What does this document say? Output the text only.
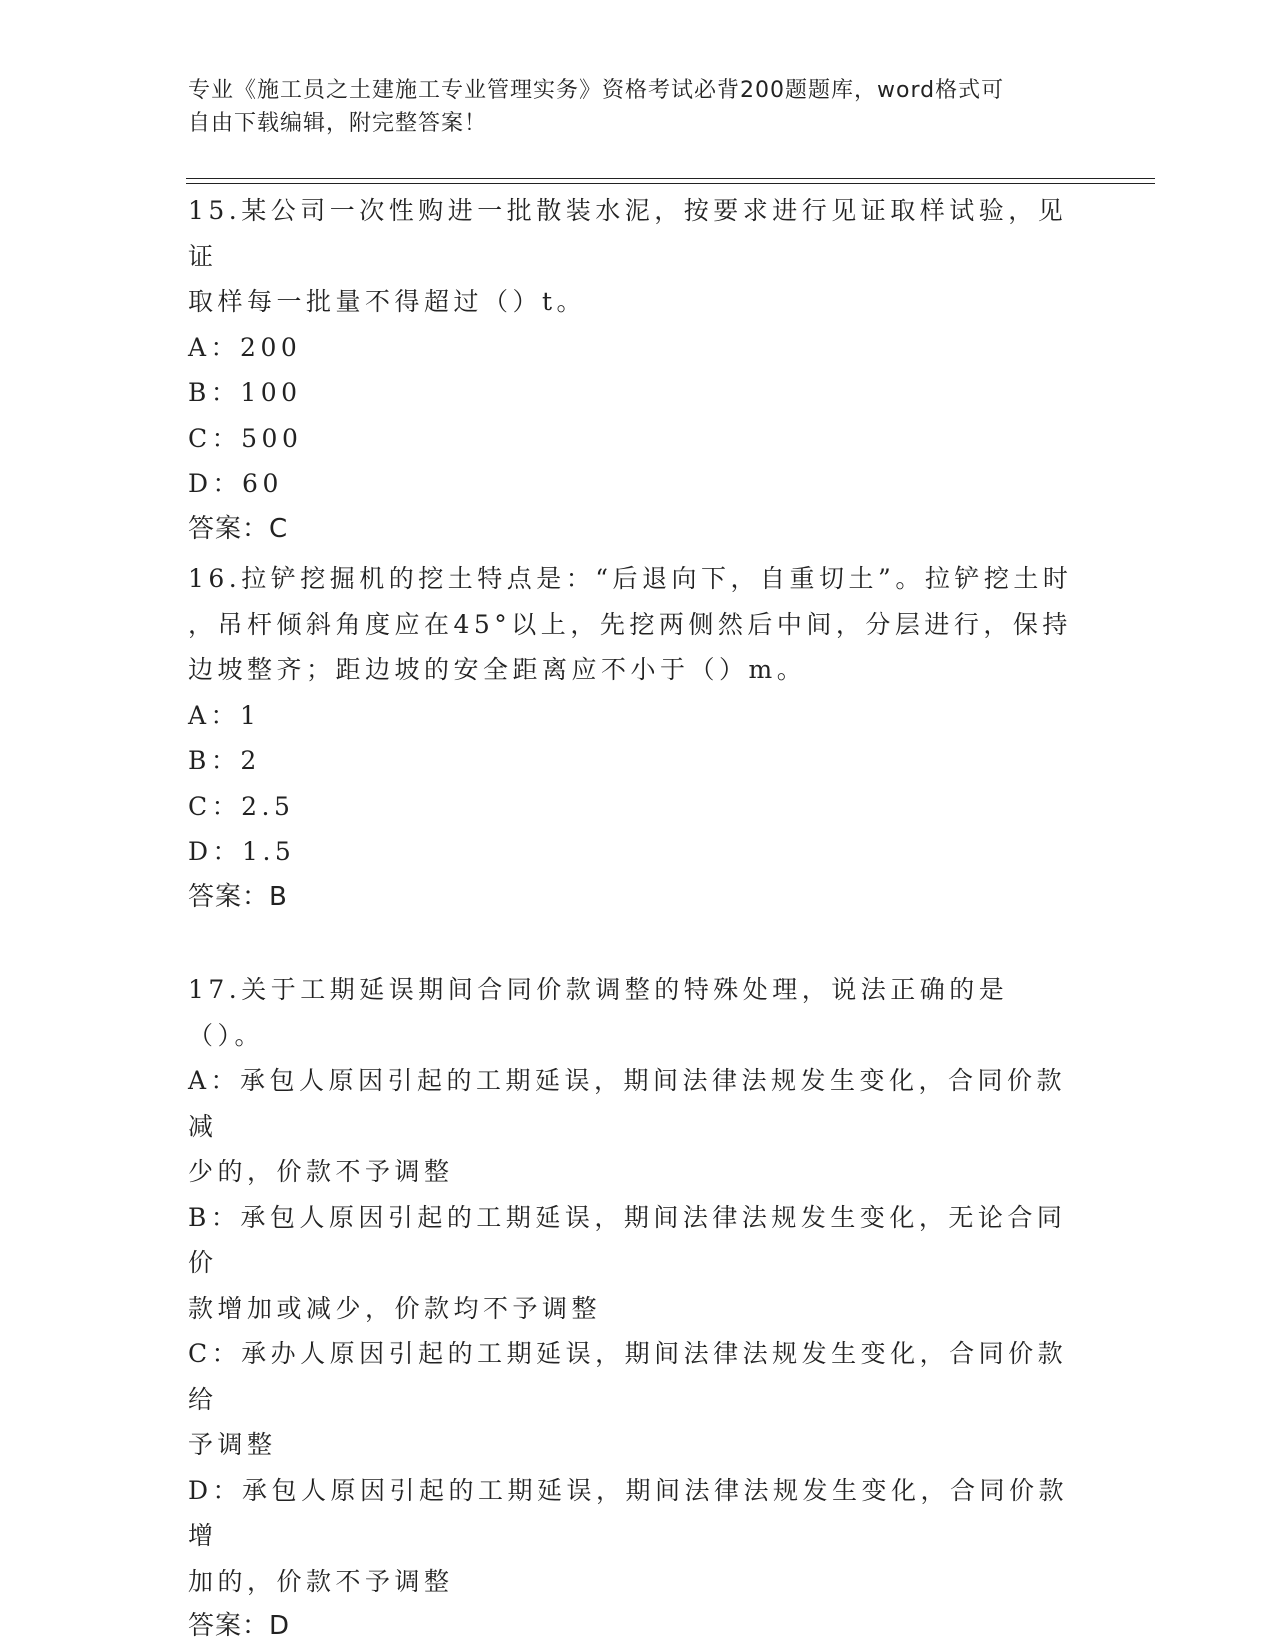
专业《施工员之土建施工专业管理实务》资格考试必背200题题库，word格式可
自由下载编辑，附完整答案！

15.某公司一次性购进一批散装水泥，按要求进行见证取样试验，见证

取样每一批量不得超过（）t。

A：200

B：100

C：500

D：60

答案：C

16.拉铲挖掘机的挖土特点是：“后退向下，自重切土”。拉铲挖土时

，吊杆倾斜角度应在45°以上，先挖两侧然后中间，分层进行，保持

边坡整齐；距边坡的安全距离应不小于（）m。

A：1

B：2

C：2.5

D：1.5

答案：B

17.关于工期延误期间合同价款调整的特殊处理，说法正确的是（）。

A：承包人原因引起的工期延误，期间法律法规发生变化，合同价款减

少的，价款不予调整

B：承包人原因引起的工期延误，期间法律法规发生变化，无论合同价

款增加或减少，价款均不予调整

C：承办人原因引起的工期延误，期间法律法规发生变化，合同价款给

予调整

D：承包人原因引起的工期延误，期间法律法规发生变化，合同价款增

加的，价款不予调整

答案：D
